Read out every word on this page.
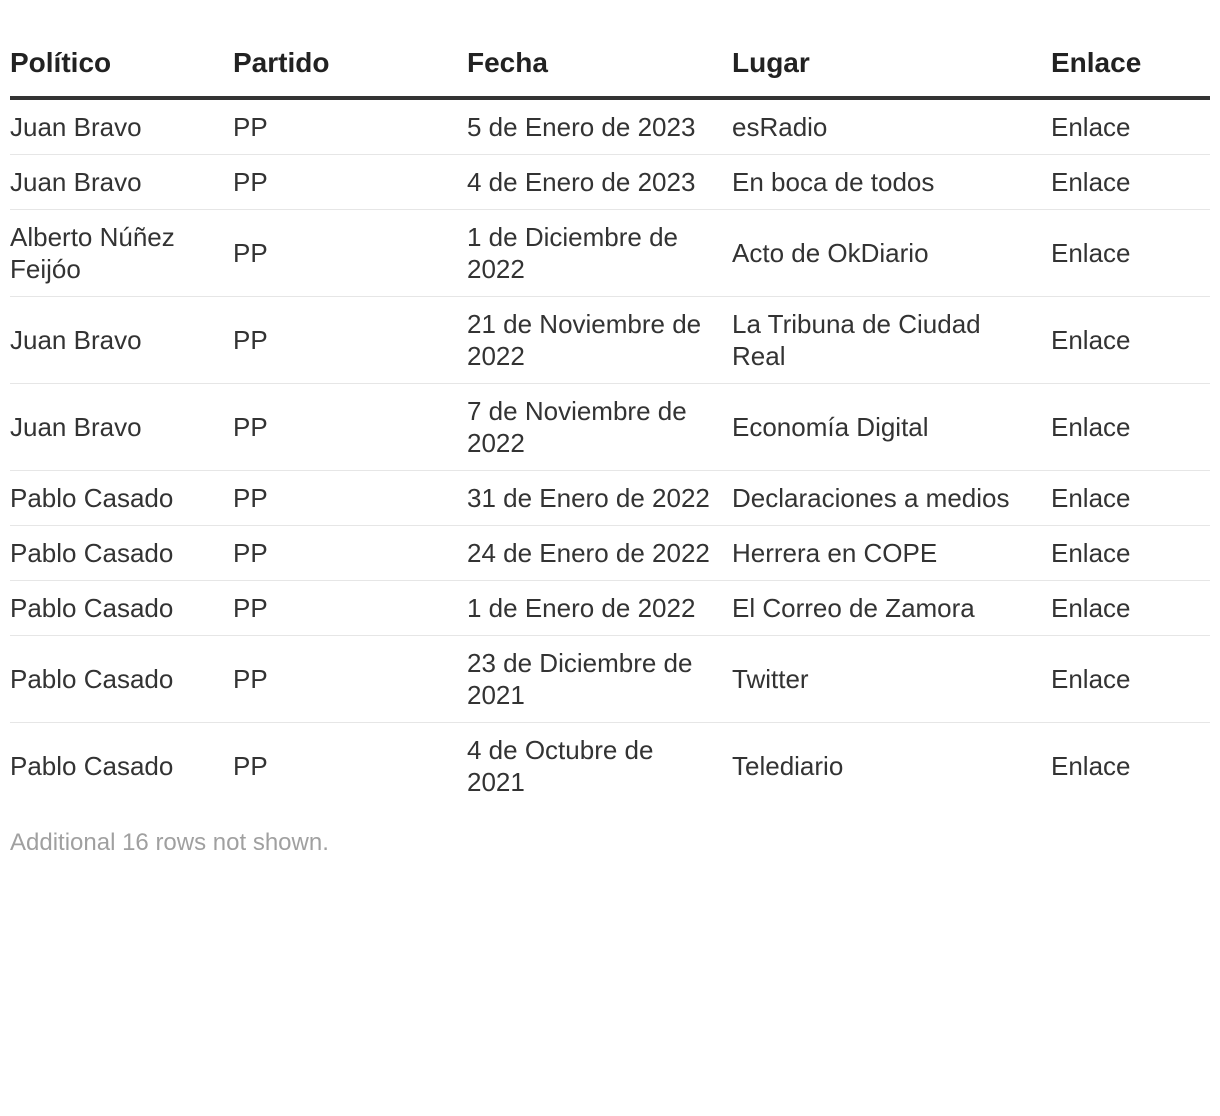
Político	Partido	Fecha	Lugar	Enlace

Juan Bravo	PP	5 de Enero de 2023	esRadio	Enlace

Juan Bravo	PP	4 de Enero de 2023	En boca de todos	Enlace

Alberto Núñez Feijóo	PP	1 de Diciembre de 2022	Acto de OkDiario	Enlace

Juan Bravo	PP	21 de Noviembre de 2022	La Tribuna de Ciudad Real	Enlace

Juan Bravo	PP	7 de Noviembre de 2022	Economía Digital	Enlace

Pablo Casado	PP	31 de Enero de 2022	Declaraciones a medios	Enlace

Pablo Casado	PP	24 de Enero de 2022	Herrera en COPE	Enlace

Pablo Casado	PP	1 de Enero de 2022	El Correo de Zamora	Enlace

Pablo Casado	PP	23 de Diciembre de 2021	Twitter	Enlace

Pablo Casado	PP	4 de Octubre de 2021	Telediario	Enlace
Additional 16 rows not shown.
